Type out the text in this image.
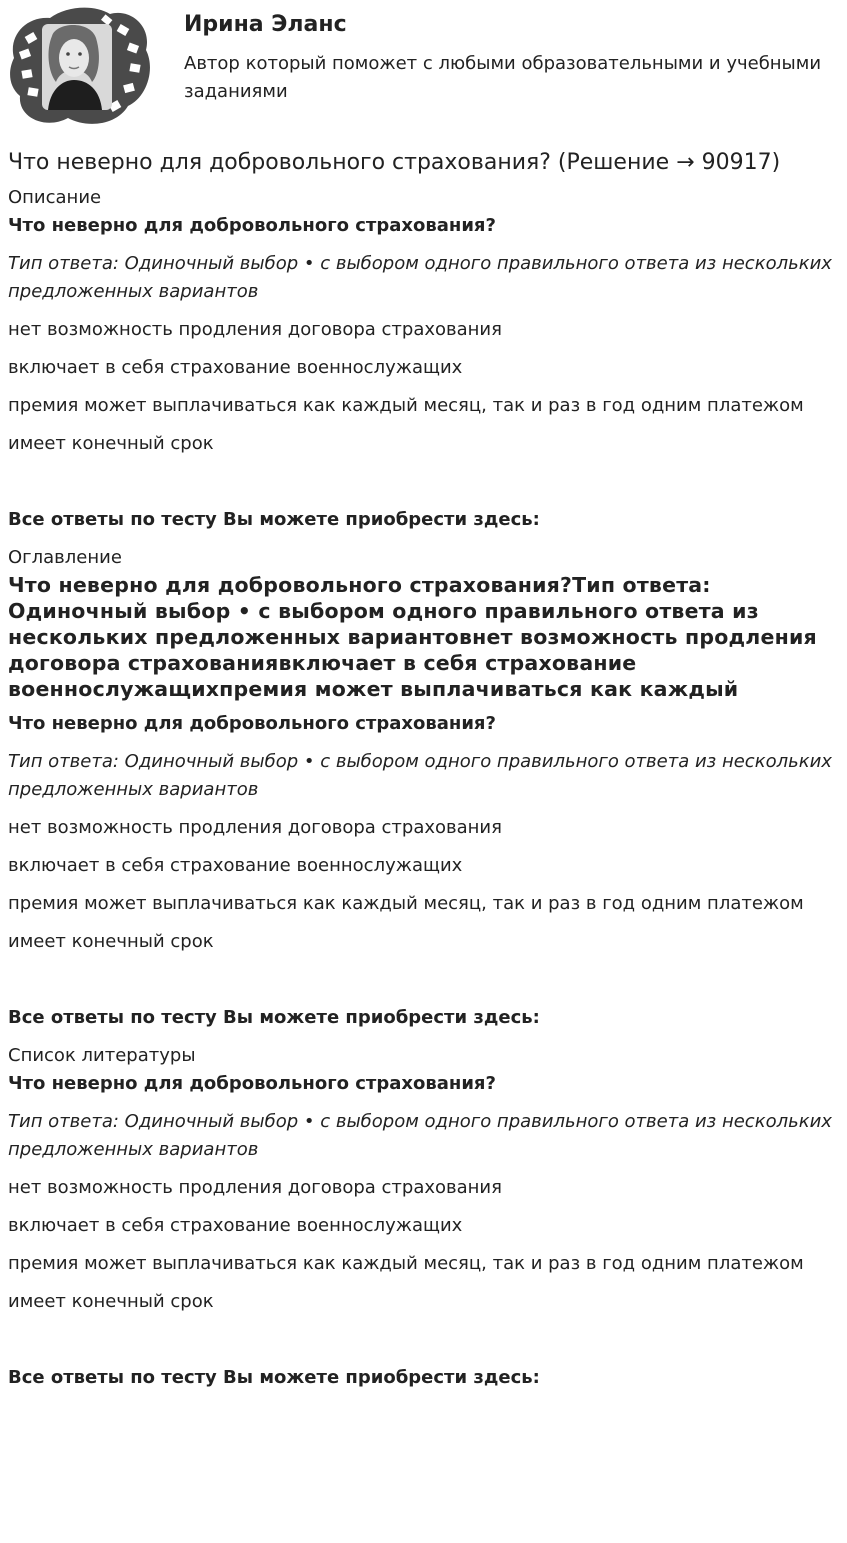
Ирина Эланс
Автор который поможет с любыми образовательными и учебными заданиями
Что неверно для добровольного страхования? (Решение → 90917)

Описание

Что неверно для добровольного страхования?

Тип ответа: Одиночный выбор • с выбором одного правильного ответа из нескольких предложенных вариантов

нет возможность продления договора страхования

включает в себя страхование военнослужащих

премия может выплачиваться как каждый месяц, так и раз в год одним платежом

имеет конечный срок

Все ответы по тесту Вы можете приобрести здесь:

Оглавление

Что неверно для добровольного страхования?Тип ответа: Одиночный выбор • с выбором одного правильного ответа из нескольких предложенных вариантовнет возможность продления договора страхованиявключает в себя страхование военнослужащихпремия может выплачиваться как каждый

Что неверно для добровольного страхования?

Тип ответа: Одиночный выбор • с выбором одного правильного ответа из нескольких предложенных вариантов

нет возможность продления договора страхования

включает в себя страхование военнослужащих

премия может выплачиваться как каждый месяц, так и раз в год одним платежом

имеет конечный срок

Все ответы по тесту Вы можете приобрести здесь:

Список литературы

Что неверно для добровольного страхования?

Тип ответа: Одиночный выбор • с выбором одного правильного ответа из нескольких предложенных вариантов

нет возможность продления договора страхования

включает в себя страхование военнослужащих

премия может выплачиваться как каждый месяц, так и раз в год одним платежом

имеет конечный срок

Все ответы по тесту Вы можете приобрести здесь:
